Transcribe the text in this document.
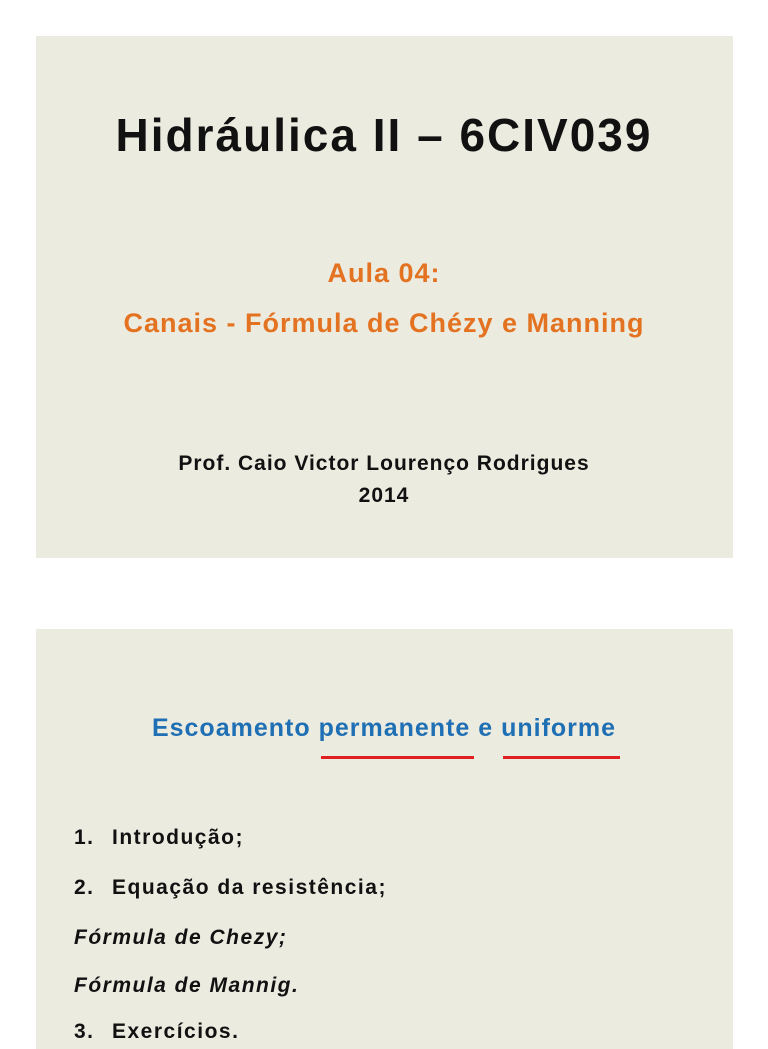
Hidráulica II – 6CIV039
Aula 04:
Canais - Fórmula de Chézy e Manning
Prof. Caio Victor Lourenço Rodrigues
2014
Escoamento permanente e uniforme
1. Introdução;
2. Equação da resistência;
Fórmula de Chezy;
Fórmula de Mannig.
3. Exercícios.
